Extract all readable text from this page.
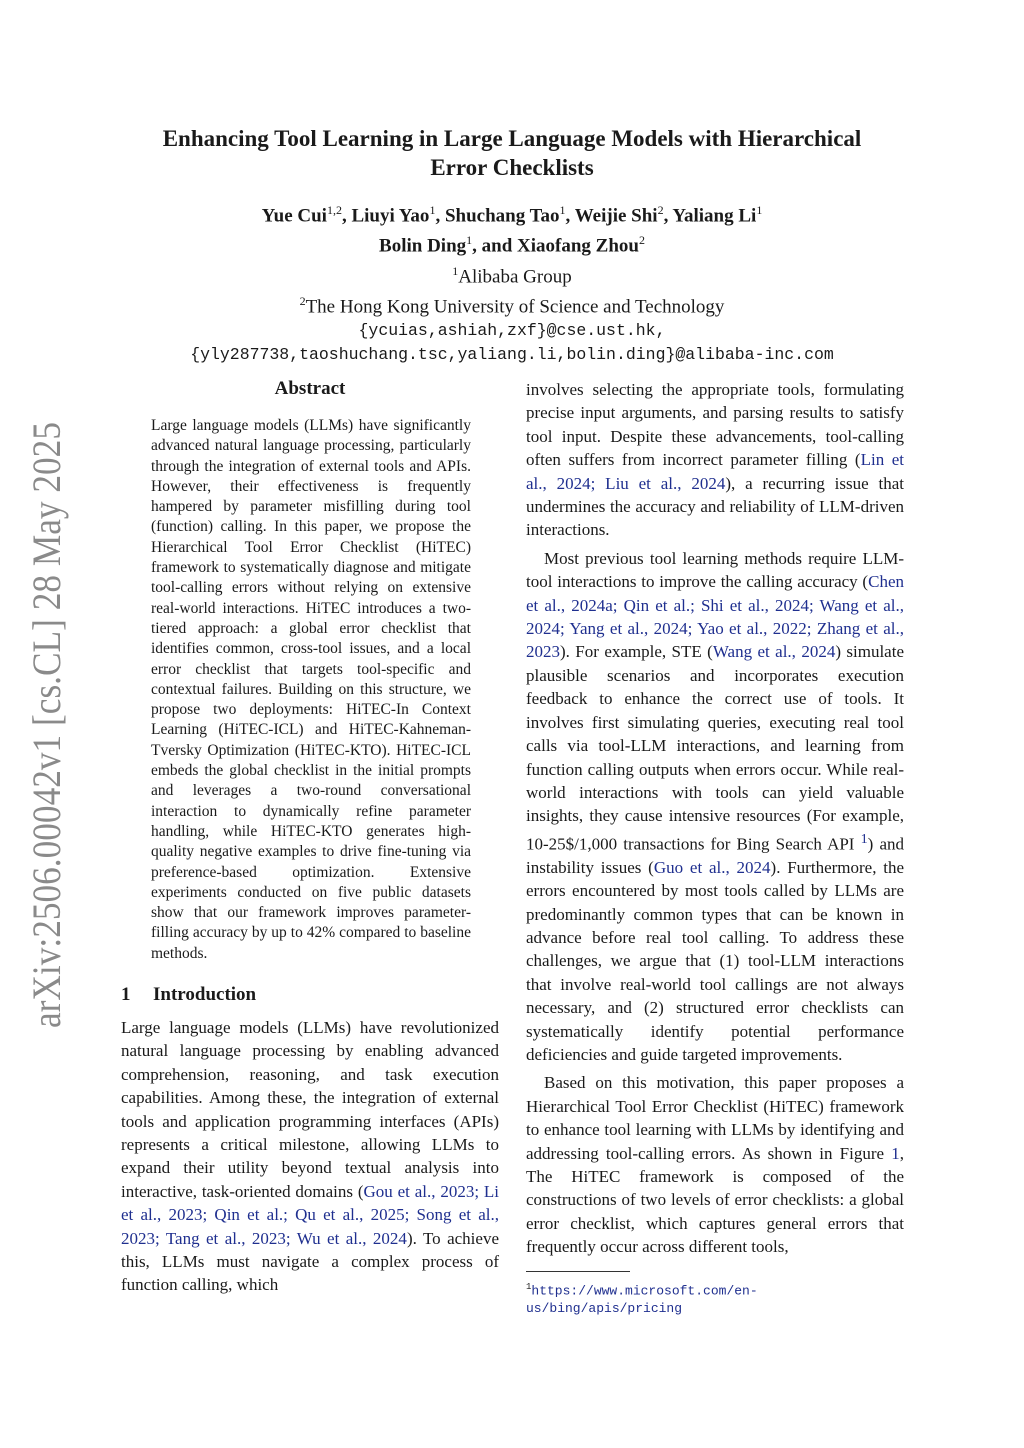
arXiv:2506.00042v1 [cs.CL] 28 May 2025
Enhancing Tool Learning in Large Language Models with Hierarchical Error Checklists
Yue Cui$^{1,2}$, Liuyi Yao$^1$, Shuchang Tao$^1$, Weijie Shi$^2$, Yaliang Li$^1$
Bolin Ding$^1$, and Xiaofang Zhou$^2$
$^1$Alibaba Group
$^2$The Hong Kong University of Science and Technology
{ycuias,ashiah,zxf}@cse.ust.hk,
{yly287738,taoshuchang.tsc,yaliang.li,bolin.ding}@alibaba-inc.com
Abstract

Large language models (LLMs) have significantly advanced natural language processing, particularly through the integration of external tools and APIs. However, their effectiveness is frequently hampered by parameter misfilling during tool (function) calling. In this paper, we propose the Hierarchical Tool Error Checklist (HiTEC) framework to systematically diagnose and mitigate tool-calling errors without relying on extensive real-world interactions. HiTEC introduces a two-tiered approach: a global error checklist that identifies common, cross-tool issues, and a local error checklist that targets tool-specific and contextual failures. Building on this structure, we propose two deployments: HiTEC-In Context Learning (HiTEC-ICL) and HiTEC-Kahneman-Tversky Optimization (HiTEC-KTO). HiTEC-ICL embeds the global checklist in the initial prompts and leverages a two-round conversational interaction to dynamically refine parameter handling, while HiTEC-KTO generates high-quality negative examples to drive fine-tuning via preference-based optimization. Extensive experiments conducted on five public datasets show that our framework improves parameter-filling accuracy by up to 42% compared to baseline methods.

1 Introduction

Large language models (LLMs) have revolutionized natural language processing by enabling advanced comprehension, reasoning, and task execution capabilities. Among these, the integration of external tools and application programming interfaces (APIs) represents a critical milestone, allowing LLMs to expand their utility beyond textual analysis into interactive, task-oriented domains (Gou et al., 2023; Li et al., 2023; Qin et al.; Qu et al., 2025; Song et al., 2023; Tang et al., 2023; Wu et al., 2024). To achieve this, LLMs must navigate a complex process of function calling, which

involves selecting the appropriate tools, formulating precise input arguments, and parsing results to satisfy tool input. Despite these advancements, tool-calling often suffers from incorrect parameter filling (Lin et al., 2024; Liu et al., 2024), a recurring issue that undermines the accuracy and reliability of LLM-driven interactions.

Most previous tool learning methods require LLM-tool interactions to improve the calling accuracy (Chen et al., 2024a; Qin et al.; Shi et al., 2024; Wang et al., 2024; Yang et al., 2024; Yao et al., 2022; Zhang et al., 2023). For example, STE (Wang et al., 2024) simulate plausible scenarios and incorporates execution feedback to enhance the correct use of tools. It involves first simulating queries, executing real tool calls via tool-LLM interactions, and learning from function calling outputs when errors occur. While real-world interactions with tools can yield valuable insights, they cause intensive resources (For example, 10-25$/1,000 transactions for Bing Search API $^1$) and instability issues (Guo et al., 2024). Furthermore, the errors encountered by most tools called by LLMs are predominantly common types that can be known in advance before real tool calling. To address these challenges, we argue that (1) tool-LLM interactions that involve real-world tool callings are not always necessary, and (2) structured error checklists can systematically identify potential performance deficiencies and guide targeted improvements.

Based on this motivation, this paper proposes a Hierarchical Tool Error Checklist (HiTEC) framework to enhance tool learning with LLMs by identifying and addressing tool-calling errors. As shown in Figure 1, The HiTEC framework is composed of the constructions of two levels of error checklists: a global error checklist, which captures general errors that frequently occur across different tools,

$^1$https://www.microsoft.com/en-us/bing/apis/pricing
